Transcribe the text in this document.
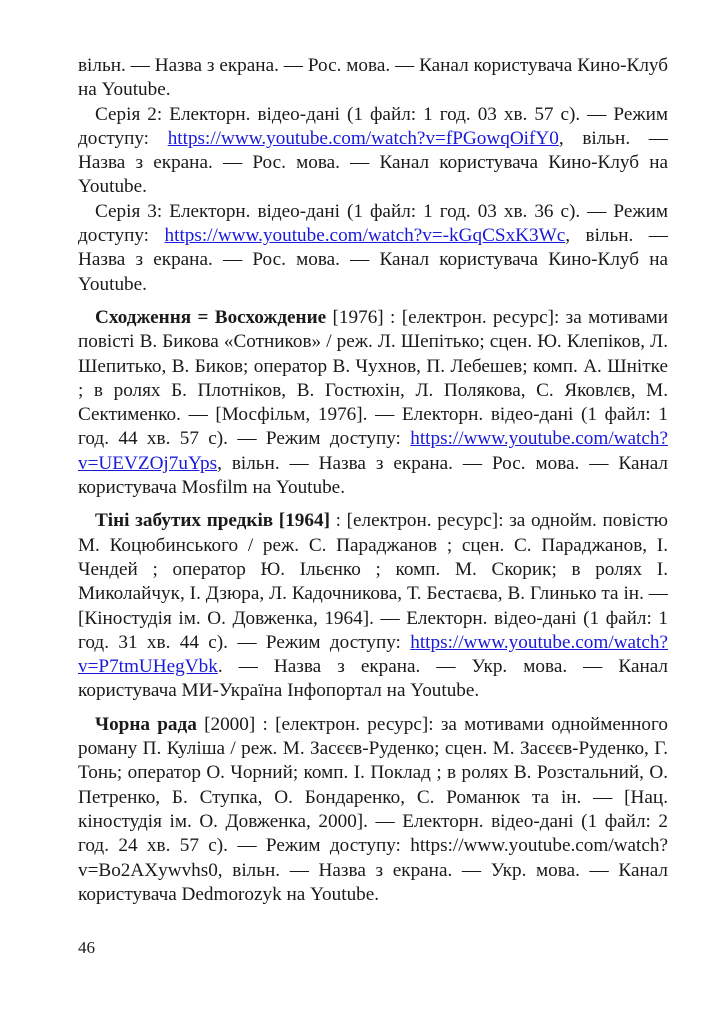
вільн. — Назва з екрана. — Рос. мова. — Канал користувача Кино-Клуб на Youtube.

Серія 2: Електорн. відео-дані (1 файл: 1 год. 03 хв. 57 с). — Режим доступу: https://www.youtube.com/watch?v=fPGowqOifY0, вільн. — Назва з екрана. — Рос. мова. — Канал користувача Кино-Клуб на Youtube.

Серія 3: Електорн. відео-дані (1 файл: 1 год. 03 хв. 36 с). — Режим доступу: https://www.youtube.com/watch?v=-kGqCSxK3Wc, вільн. — Назва з екрана. — Рос. мова. — Канал користувача Кино-Клуб на Youtube.

Сходження = Восхождение [1976] : [електрон. ресурс]: за мотивами повісті В. Бикова «Сотников» / реж. Л. Шепітько; сцен. Ю. Клепіков, Л. Шепитько, В. Биков; оператор В. Чухнов, П. Лебешев; комп. А. Шнітке ; в ролях Б. Плотніков, В. Гостюхін, Л. Полякова, С. Яковлєв, М. Сектименко. — [Мосфільм, 1976]. — Електорн. відео-дані (1 файл: 1 год. 44 хв. 57 с). — Режим доступу: https://www.youtube.com/watch?v=UEVZOj7uYps, вільн. — Назва з екрана. — Рос. мова. — Канал користувача Mosfilm на Youtube.

Тіні забутих предків [1964] : [електрон. ресурс]: за однойм. повістю М. Коцюбинського / реж. С. Параджанов ; сцен. С. Параджанов, І. Чендей ; оператор Ю. Ільєнко ; комп. М. Скорик; в ролях І. Миколайчук, І. Дзюра, Л. Кадочникова, Т. Бестаєва, В. Глинько та ін. — [Кіностудія ім. О. Довженка, 1964]. — Електорн. відео-дані (1 файл: 1 год. 31 хв. 44 с). — Режим доступу: https://www.youtube.com/watch?v=P7tmUHegVbk. — Назва з екрана. — Укр. мова. — Канал користувача МИ-Україна Інфопортал на Youtube.

Чорна рада [2000] : [електрон. ресурс]: за мотивами однойменного роману П. Куліша / реж. М. Засєєв-Руденко; сцен. М. Засєєв-Руденко, Г. Тонь; оператор О. Чорний; комп. І. Поклад ; в ролях В. Розстальний, О. Петренко, Б. Ступка, О. Бондаренко, С. Романюк та ін. — [Нац. кіностудія ім. О. Довженка, 2000]. — Електорн. відео-дані (1 файл: 2 год. 24 хв. 57 с). — Режим доступу: https://www.youtube.com/watch?v=Bo2AXywvhs0, вільн. — Назва з екрана. — Укр. мова. — Канал користувача Dedmorozyk на Youtube.

46
